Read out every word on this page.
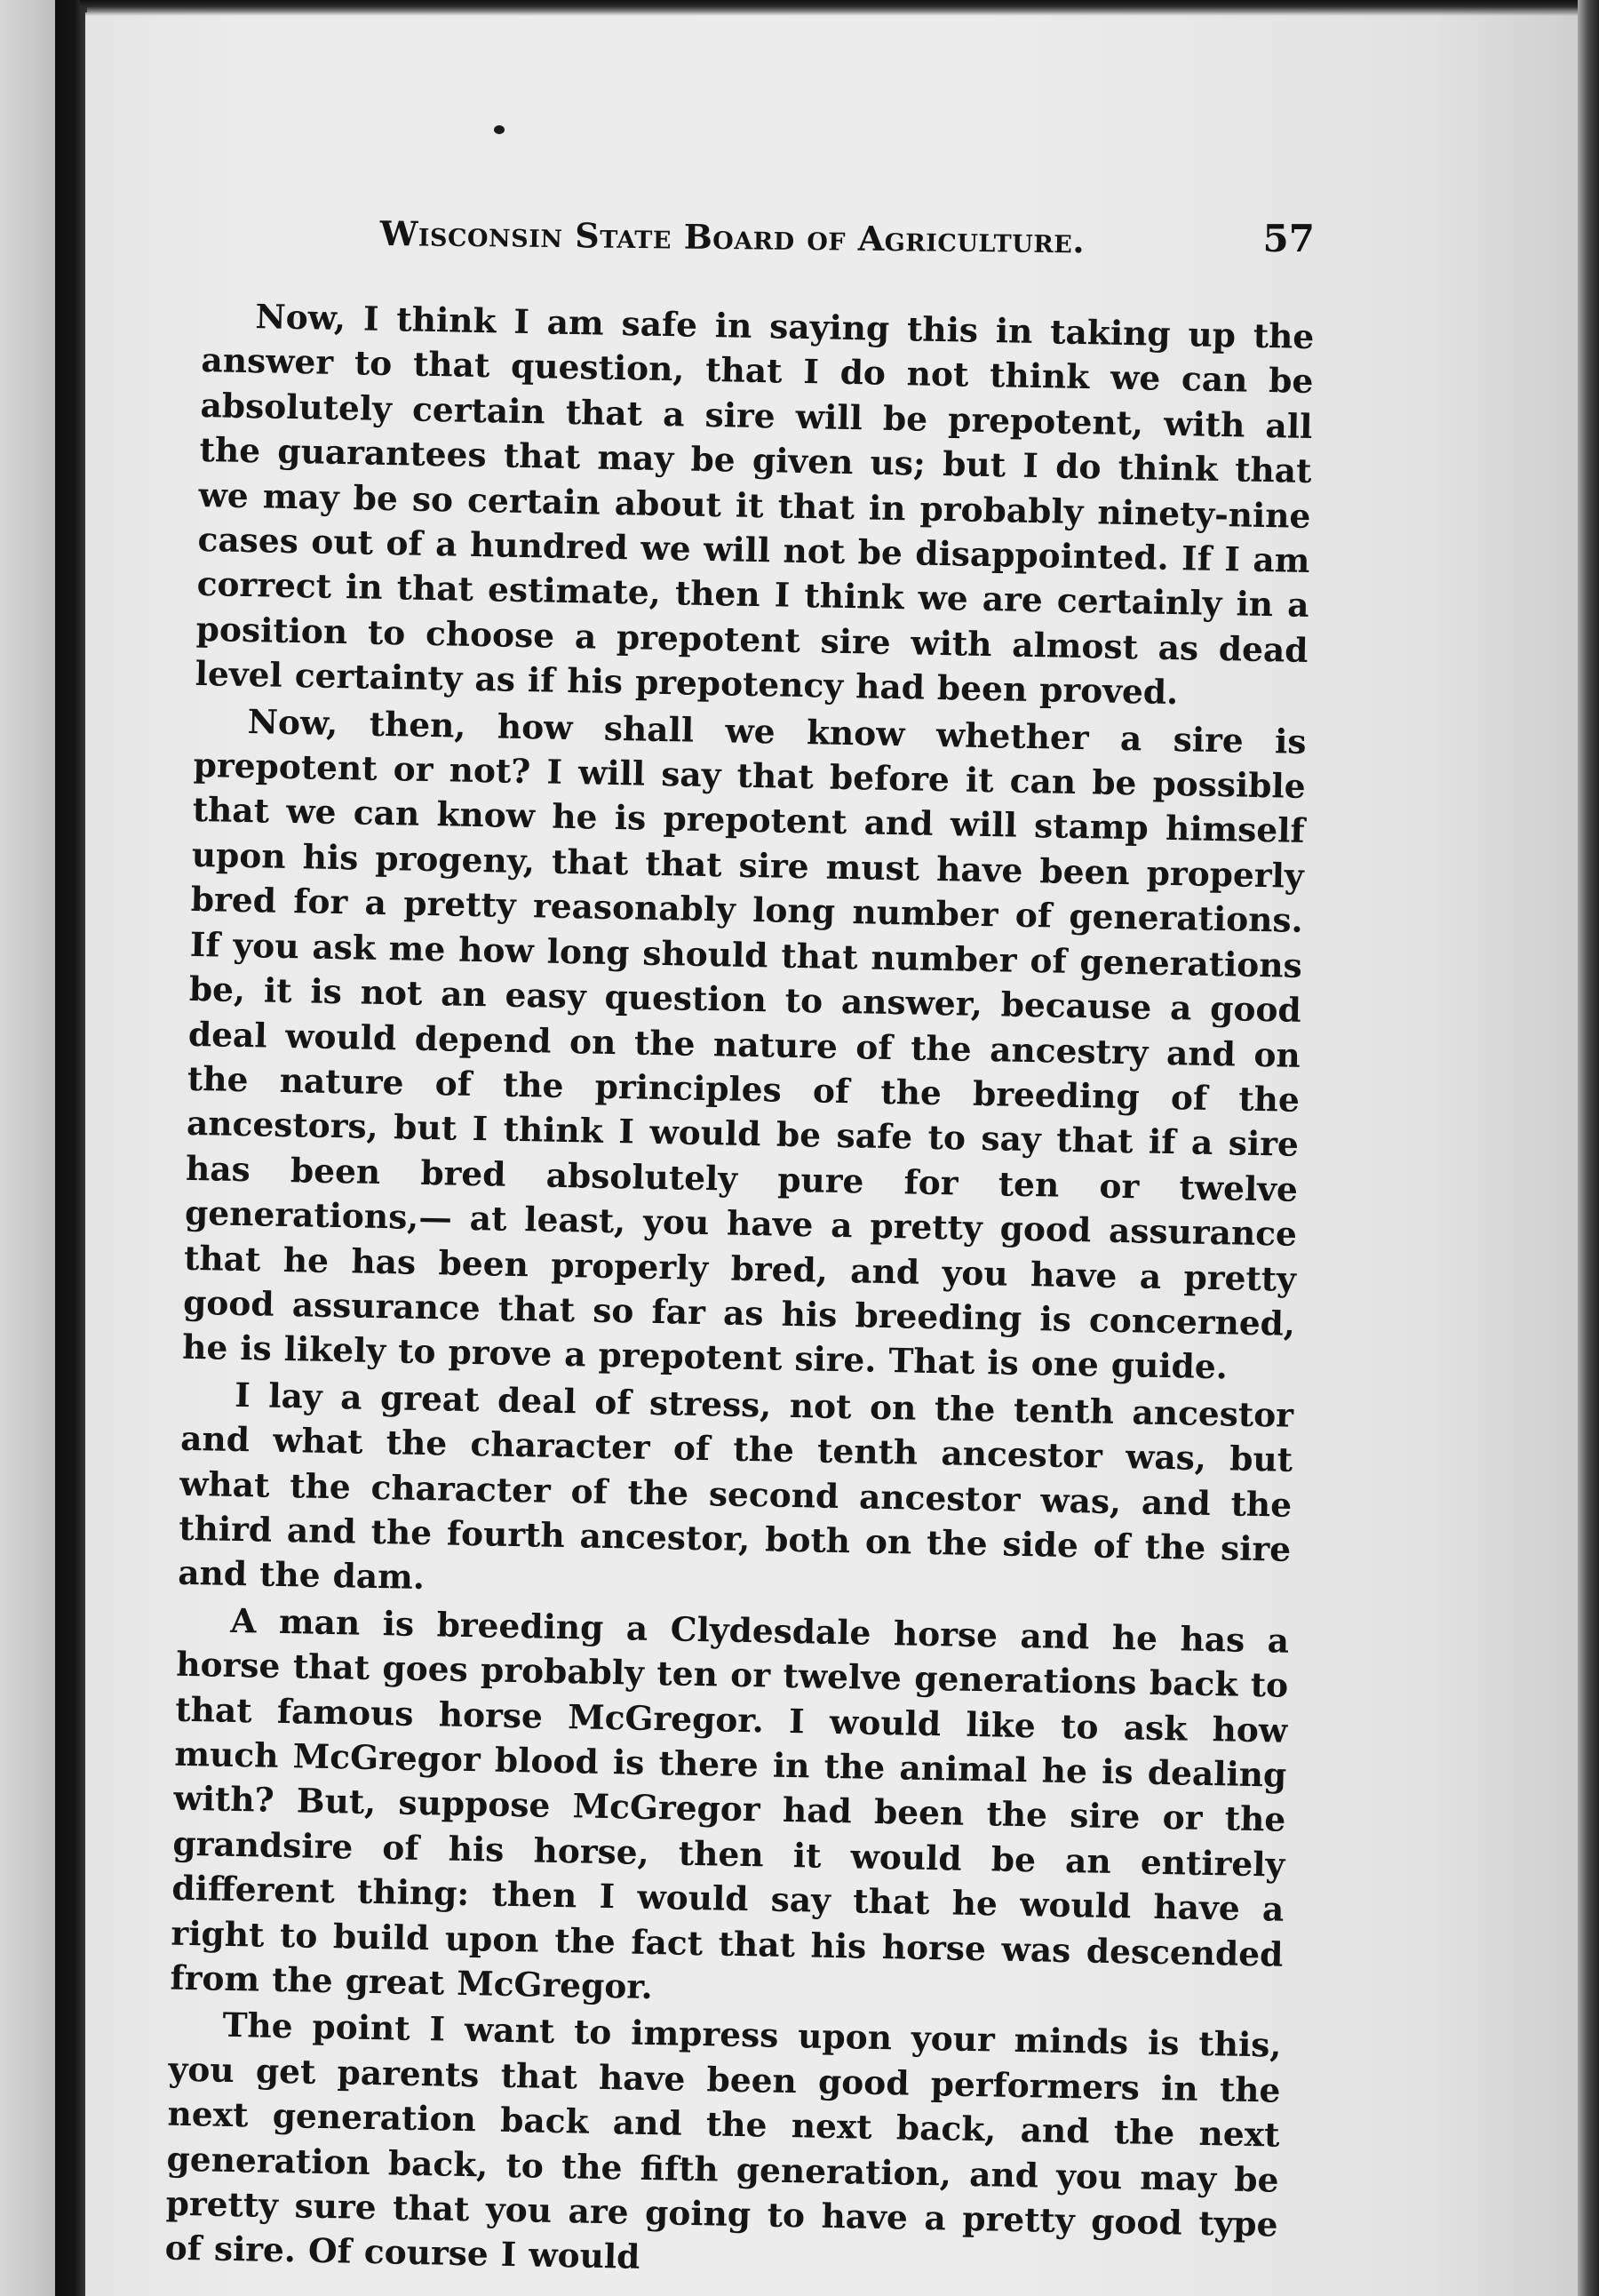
Wisconsin State Board of Agriculture.	57

Now, I think I am safe in saying this in taking up the answer to that question, that I do not think we can be absolutely certain that a sire will be prepotent, with all the guarantees that may be given us; but I do think that we may be so certain about it that in probably ninety-nine cases out of a hundred we will not be disappointed. If I am correct in that estimate, then I think we are certainly in a position to choose a prepotent sire with almost as dead level certainty as if his prepotency had been proved.

Now, then, how shall we know whether a sire is prepotent or not? I will say that before it can be possible that we can know he is prepotent and will stamp himself upon his progeny, that that sire must have been properly bred for a pretty reasonably long number of generations. If you ask me how long should that number of generations be, it is not an easy question to answer, because a good deal would depend on the nature of the ancestry and on the nature of the principles of the breeding of the ancestors, but I think I would be safe to say that if a sire has been bred absolutely pure for ten or twelve generations,— at least, you have a pretty good assurance that he has been properly bred, and you have a pretty good assurance that so far as his breeding is concerned, he is likely to prove a prepotent sire. That is one guide.

I lay a great deal of stress, not on the tenth ancestor and what the character of the tenth ancestor was, but what the character of the second ancestor was, and the third and the fourth ancestor, both on the side of the sire and the dam.

A man is breeding a Clydesdale horse and he has a horse that goes probably ten or twelve generations back to that famous horse McGregor. I would like to ask how much McGregor blood is there in the animal he is dealing with? But, suppose McGregor had been the sire or the grandsire of his horse, then it would be an entirely different thing: then I would say that he would have a right to build upon the fact that his horse was descended from the great McGregor.

The point I want to impress upon your minds is this, you get parents that have been good performers in the next generation back and the next back, and the next generation back, to the fifth generation, and you may be pretty sure that you are going to have a pretty good type of sire. Of course I would
